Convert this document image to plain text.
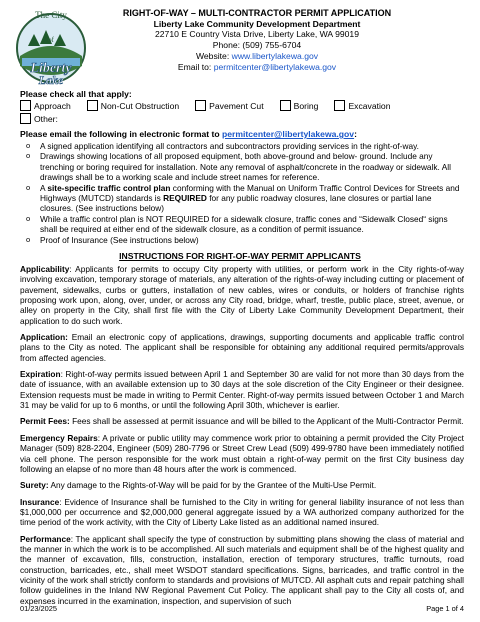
The City
of
Liberty
Lake
RIGHT-OF-WAY – MULTI-CONTRACTOR PERMIT APPLICATION
Liberty Lake Community Development Department
22710 E Country Vista Drive, Liberty Lake, WA 99019
Phone: (509) 755-6704
Website: www.libertylakewa.gov
Email to: permitcenter@libertylakewa.gov
Please check all that apply:
Approach	Non-Cut Obstruction	Pavement Cut	Boring	Excavation
Other:
Please email the following in electronic format to permitcenter@libertylakewa.gov:
o A signed application identifying all contractors and subcontractors providing services in the right-of-way.
o Drawings showing locations of all proposed equipment, both above-ground and below- ground. Include any trenching or boring required for installation. Note any removal of asphalt/concrete in the roadway or sidewalk. All drawings shall be to a working scale and include street names for reference.
o A site-specific traffic control plan conforming with the Manual on Uniform Traffic Control Devices for Streets and Highways (MUTCD) standards is REQUIRED for any public roadway closures, lane closures or partial lane closures. (See instructions below)
o While a traffic control plan is NOT REQUIRED for a sidewalk closure, traffic cones and “Sidewalk Closed“ signs shall be required at either end of the sidewalk closure, as a condition of permit issuance.
o Proof of Insurance (See instructions below)
INSTRUCTIONS FOR RIGHT-OF-WAY PERMIT APPLICANTS

Applicability: Applicants for permits to occupy City property with utilities, or perform work in the City rights-of-way involving excavation, temporary storage of materials, any alteration of the rights-of-way including cutting or placement of pavement, sidewalks, curbs or gutters, installation of new cables, wires or conduits, or holders of franchise rights proposing work upon, along, over, under, or across any City road, bridge, wharf, trestle, public place, street, avenue, or alley on property in the City, shall first file with the City of Liberty Lake Community Development Department, their application to do such work.

Application: Email an electronic copy of applications, drawings, supporting documents and applicable traffic control plans to the City as noted. The applicant shall be responsible for obtaining any additional required permits/approvals from affected agencies.

Expiration: Right-of-way permits issued between April 1 and September 30 are valid for not more than 30 days from the date of issuance, with an available extension up to 30 days at the sole discretion of the City Engineer or their designee. Extension requests must be made in writing to Permit Center. Right-of-way permits issued between October 1 and March 31 may be valid for up to 6 months, or until the following April 30th, whichever is earlier.

Permit Fees: Fees shall be assessed at permit issuance and will be billed to the Applicant of the Multi-Contractor Permit.

Emergency Repairs: A private or public utility may commence work prior to obtaining a permit provided the City Project Manager (509) 828-2204, Engineer (509) 280-7796 or Street Crew Lead (509) 499-9780 have been immediately notified via cell phone. The person responsible for the work must obtain a right-of-way permit on the first City business day following an elapse of no more than 48 hours after the work is commenced.

Surety: Any damage to the Rights-of-Way will be paid for by the Grantee of the Multi-Use Permit.

Insurance: Evidence of Insurance shall be furnished to the City in writing for general liability insurance of not less than $1,000,000 per occurrence and $2,000,000 general aggregate issued by a WA authorized company authorized for the time period of the work activity, with the City of Liberty Lake listed as an additional named insured.

Performance: The applicant shall specify the type of construction by submitting plans showing the class of material and the manner in which the work is to be accomplished. All such materials and equipment shall be of the highest quality and the manner of excavation, fills, construction, installation, erection of temporary structures, traffic turnouts, road construction, barricades, etc., shall meet WSDOT standard specifications. Signs, barricades, and traffic control in the vicinity of the work shall strictly conform to standards and provisions of MUTCD. All asphalt cuts and repair patching shall follow guidelines in the Inland NW Regional Pavement Cut Policy. The applicant shall pay to the City all costs of, and expenses incurred in the examination, inspection, and supervision of such

01/23/2025	Page 1 of 4
